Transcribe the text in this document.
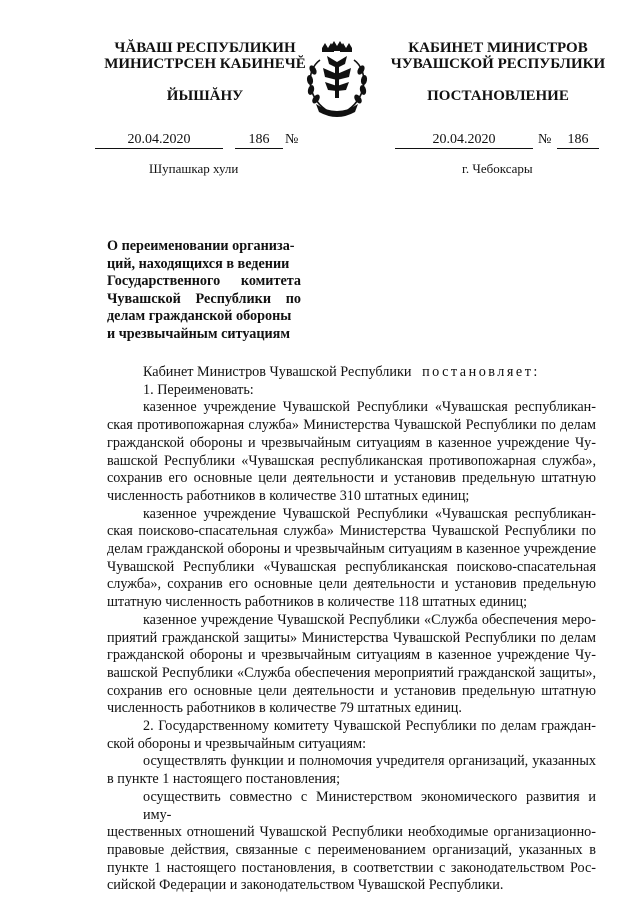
ЧĂВАШ РЕСПУБЛИКИН
МИНИСТРСЕН КАБИНЕЧĔ
ЙЫШĂНУ
КАБИНЕТ МИНИСТРОВ
ЧУВАШСКОЙ РЕСПУБЛИКИ
ПОСТАНОВЛЕНИЕ
20.04.2020	186	№	20.04.2020	№	186
Шупашкар хули	г. Чебоксары
О переименовании организа-
ций, находящихся в ведении
Государственного комитета
Чувашской Республики по
делам гражданской обороны
и чрезвычайным ситуациям
Кабинет Министров Чувашской Республики постановляет:
1. Переименовать:
казенное учреждение Чувашской Республики «Чувашская республикан-
ская противопожарная служба» Министерства Чувашской Республики по делам
гражданской обороны и чрезвычайным ситуациям в казенное учреждение Чу-
вашской Республики «Чувашская республиканская противопожарная служба»,
сохранив его основные цели деятельности и установив предельную штатную
численность работников в количестве 310 штатных единиц;
казенное учреждение Чувашской Республики «Чувашская республикан-
ская поисково-спасательная служба» Министерства Чувашской Республики по
делам гражданской обороны и чрезвычайным ситуациям в казенное учреждение
Чувашской Республики «Чувашская республиканская поисково-спасательная
служба», сохранив его основные цели деятельности и установив предельную
штатную численность работников в количестве 118 штатных единиц;
казенное учреждение Чувашской Республики «Служба обеспечения меро-
приятий гражданской защиты» Министерства Чувашской Республики по делам
гражданской обороны и чрезвычайным ситуациям в казенное учреждение Чу-
вашской Республики «Служба обеспечения мероприятий гражданской защиты»,
сохранив его основные цели деятельности и установив предельную штатную
численность работников в количестве 79 штатных единиц.
2. Государственному комитету Чувашской Республики по делам граждан-
ской обороны и чрезвычайным ситуациям:
осуществлять функции и полномочия учредителя организаций, указанных
в пункте 1 настоящего постановления;
осуществить совместно с Министерством экономического развития и иму-
щественных отношений Чувашской Республики необходимые организационно-
правовые действия, связанные с переименованием организаций, указанных в
пункте 1 настоящего постановления, в соответствии с законодательством Рос-
сийской Федерации и законодательством Чувашской Республики.
